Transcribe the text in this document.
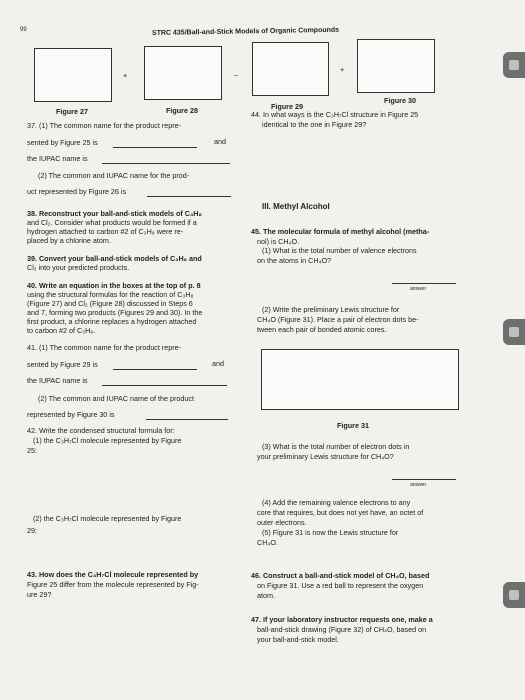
99	STRC 435/Ball-and-Stick Models of Organic Compounds
+	→
+
Figure 27	Figure 28	Figure 29
Figure 30
37. (1) The common name for the product repre-
sented by Figure 25 is	and
the IUPAC name is
(2) The common and IUPAC name for the prod-
uct represented by Figure 26 is
38. Reconstruct your ball-and-stick models of C₃H₈
and Cl₂. Consider what products would be formed if a
hydrogen attached to carbon #2 of C₃H₈ were re-
placed by a chlorine atom.
39. Convert your ball-and-stick models of C₃H₈ and
Cl₂ into your predicted products.
40. Write an equation in the boxes at the top of p. 8
using the structural formulas for the reaction of C₃H₈
(Figure 27) and Cl₂ (Figure 28) discussed in Steps 6
and 7, forming two products (Figures 29 and 30). In the
first product, a chlorine replaces a hydrogen attached
to carbon #2 of C₃H₈.
41. (1) The common name for the product repre-
sented by Figure 29 is	and
the IUPAC name is
(2) The common and IUPAC name of the product
represented by Figure 30 is
42. Write the condensed structural formula for:
(1) the C₃H₇Cl molecule represented by Figure
25:
(2) the C₃H₇Cl molecule represented by Figure
29:
43. How does the C₃H₇Cl molecule represented by
Figure 25 differ from the molecule represented by Fig-
ure 29?
44. In what ways is the C₃H₇Cl structure in Figure 25
identical to the one in Figure 29?
III. Methyl Alcohol
45. The molecular formula of methyl alcohol (metha-
nol) is CH₄O.
(1) What is the total number of valence electrons
on the atoms in CH₄O?
answer
(2) Write the preliminary Lewis structure for
CH₄O (Figure 31). Place a pair of electron dots be-
tween each pair of bonded atomic cores.
Figure 31
(3) What is the total number of electron dots in
your preliminary Lewis structure for CH₄O?
answer
(4) Add the remaining valence electrons to any
core that requires, but does not yet have, an octet of
outer electrons.
(5) Figure 31 is now the Lewis structure for
CH₄O.
46. Construct a ball-and-stick model of CH₄O, based
on Figure 31. Use a red ball to represent the oxygen
atom.
47. If your laboratory instructor requests one, make a
ball-and-stick drawing (Figure 32) of CH₄O, based on
your ball-and-stick model.
